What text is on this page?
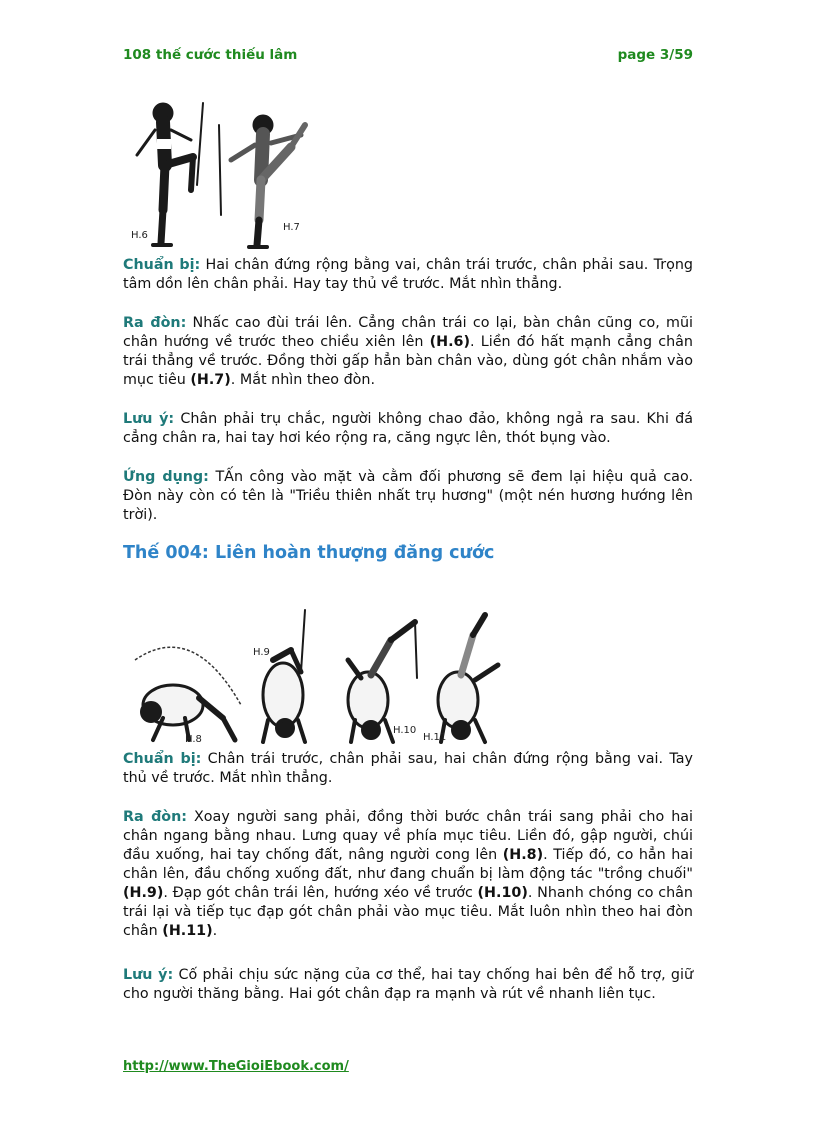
108 thế cước thiếu lâm	page 3/59
H.6
H.7
Chuẩn bị: Hai chân đứng rộng bằng vai, chân trái trước, chân phải sau. Trọng tâm dồn lên chân phải. Hay tay thủ về trước. Mắt nhìn thẳng.
Ra đòn: Nhấc cao đùi trái lên. Cẳng chân trái co lại, bàn chân cũng co, mũi chân hướng về trước theo chiều xiên lên (H.6). Liền đó hất mạnh cẳng chân trái thẳng về trước. Đồng thời gấp hẳn bàn chân vào, dùng gót chân nhắm vào mục tiêu (H.7). Mắt nhìn theo đòn.
Lưu ý: Chân phải trụ chắc, người không chao đảo, không ngả ra sau. Khi đá cẳng chân ra, hai tay hơi kéo rộng ra, căng ngực lên, thót bụng vào.
Ứng dụng: TẤn công vào mặt và cằm đối phương sẽ đem lại hiệu quả cao. Đòn này còn có tên là "Triều thiên nhất trụ hương" (một nén hương hướng lên trời).
Thế 004: Liên hoàn thượng đăng cước
H.8
H.9
H.10
H.11
Chuẩn bị: Chân trái trước, chân phải sau, hai chân đứng rộng bằng vai. Tay thủ về trước. Mắt nhìn thẳng.
Ra đòn: Xoay người sang phải, đồng thời bước chân trái sang phải cho hai chân ngang bằng nhau. Lưng quay về phía mục tiêu. Liền đó, gập người, chúi đầu xuống, hai tay chống đất, nâng người cong lên (H.8). Tiếp đó, co hẳn hai chân lên, đầu chống xuống đất, như đang chuẩn bị làm động tác "trồng chuối" (H.9). Đạp gót chân trái lên, hướng xéo về trước (H.10). Nhanh chóng co chân trái lại và tiếp tục đạp gót chân phải vào mục tiêu. Mắt luôn nhìn theo hai đòn chân (H.11).
Lưu ý: Cố phải chịu sức nặng của cơ thể, hai tay chống hai bên để hỗ trợ, giữ cho người thăng bằng. Hai gót chân đạp ra mạnh và rút về nhanh liên tục.
http://www.TheGioiEbook.com/
